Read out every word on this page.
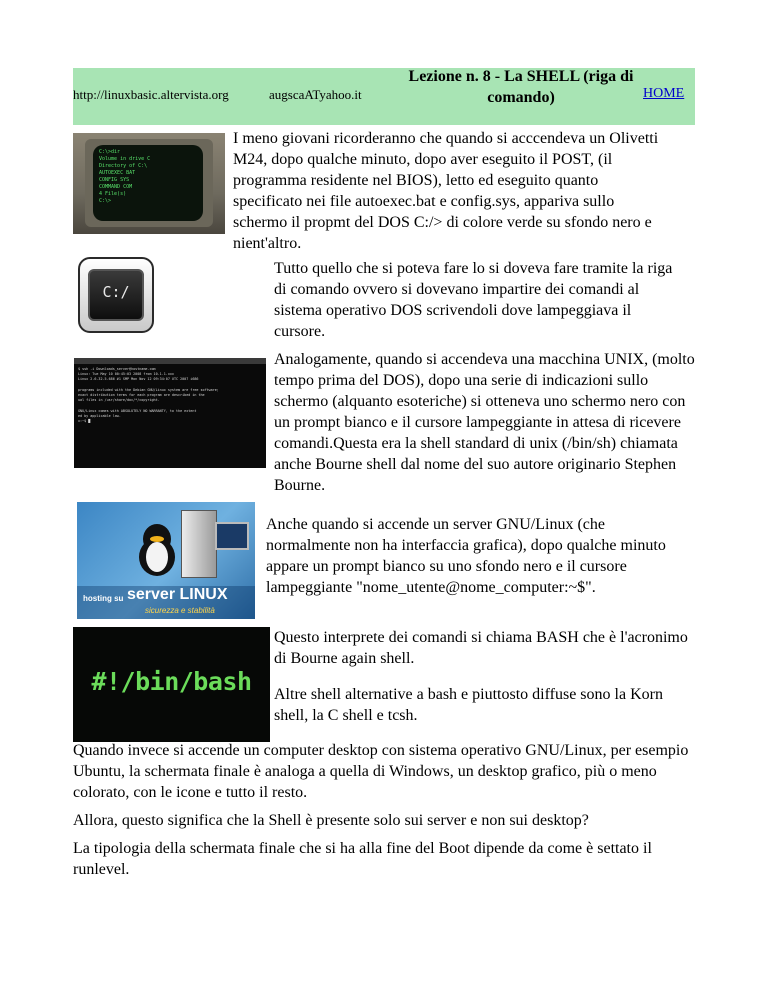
http://linuxbasic.altervista.org	augscaATyahoo.it
Lezione n. 8 - La SHELL (riga di comando)	HOME
C:\>dir
Volume in drive C
Directory of C:\
AUTOEXEC BAT
CONFIG SYS
COMMAND COM
4 File(s)
C:\>
C:/
$ ssh -i Downloads_server@hostname.com
Linux: Tue May 10 00:45:03 2008 from 10.1.1.xxx
Linux 2.6.32-5-686 #1 SMP Mon Nov 12 09:34:07 UTC 2007 i686

programs included with the Debian GNU/Linux system are free software;
exact distribution terms for each program are described in the
ual files in /usr/share/doc/*/copyright.

GNU/Linux comes with ABSOLUTELY NO WARRANTY, to the extent
ed by applicable law.
x:~$ █
hosting su server LINUX
sicurezza e stabilità
#!/bin/bash

I meno giovani ricorderanno che quando si acccendeva un Olivetti M24, dopo qualche minuto, dopo aver eseguito il POST, (il programma residente nel BIOS), letto ed eseguito quanto specificato nei file autoexec.bat e config.sys, appariva sullo schermo il propmt del DOS C:/> di colore verde su sfondo nero e nient'altro.

Tutto quello che si poteva fare lo si doveva fare tramite la riga di comando ovvero si dovevano impartire dei comandi al sistema operativo DOS scrivendoli dove lampeggiava il cursore.

Analogamente, quando si accendeva una macchina UNIX, (molto tempo prima del DOS), dopo una serie di indicazioni sullo schermo (alquanto esoteriche) si otteneva uno schermo nero con un prompt bianco e il cursore lampeggiante in attesa di ricevere comandi.Questa era la shell standard di unix (/bin/sh) chiamata anche Bourne shell dal nome del suo autore originario Stephen Bourne.

Anche quando si accende un server GNU/Linux (che normalmente non ha interfaccia grafica), dopo qualche minuto appare un prompt bianco su uno sfondo nero e il cursore lampeggiante "nome_utente@nome_computer:~$".

Questo interprete dei comandi si chiama BASH che è l'acronimo di Bourne again shell.

Altre shell alternative a bash e piuttosto diffuse sono la Korn shell, la C shell e tcsh.

Quando invece si accende un computer desktop con sistema operativo GNU/Linux, per esempio Ubuntu, la schermata finale è analoga a quella di Windows, un desktop grafico, più o meno colorato, con le icone e tutto il resto.

Allora, questo significa che la Shell è presente solo sui server e non sui desktop?

La tipologia della schermata finale che si ha alla fine del Boot dipende da come è settato il runlevel.
